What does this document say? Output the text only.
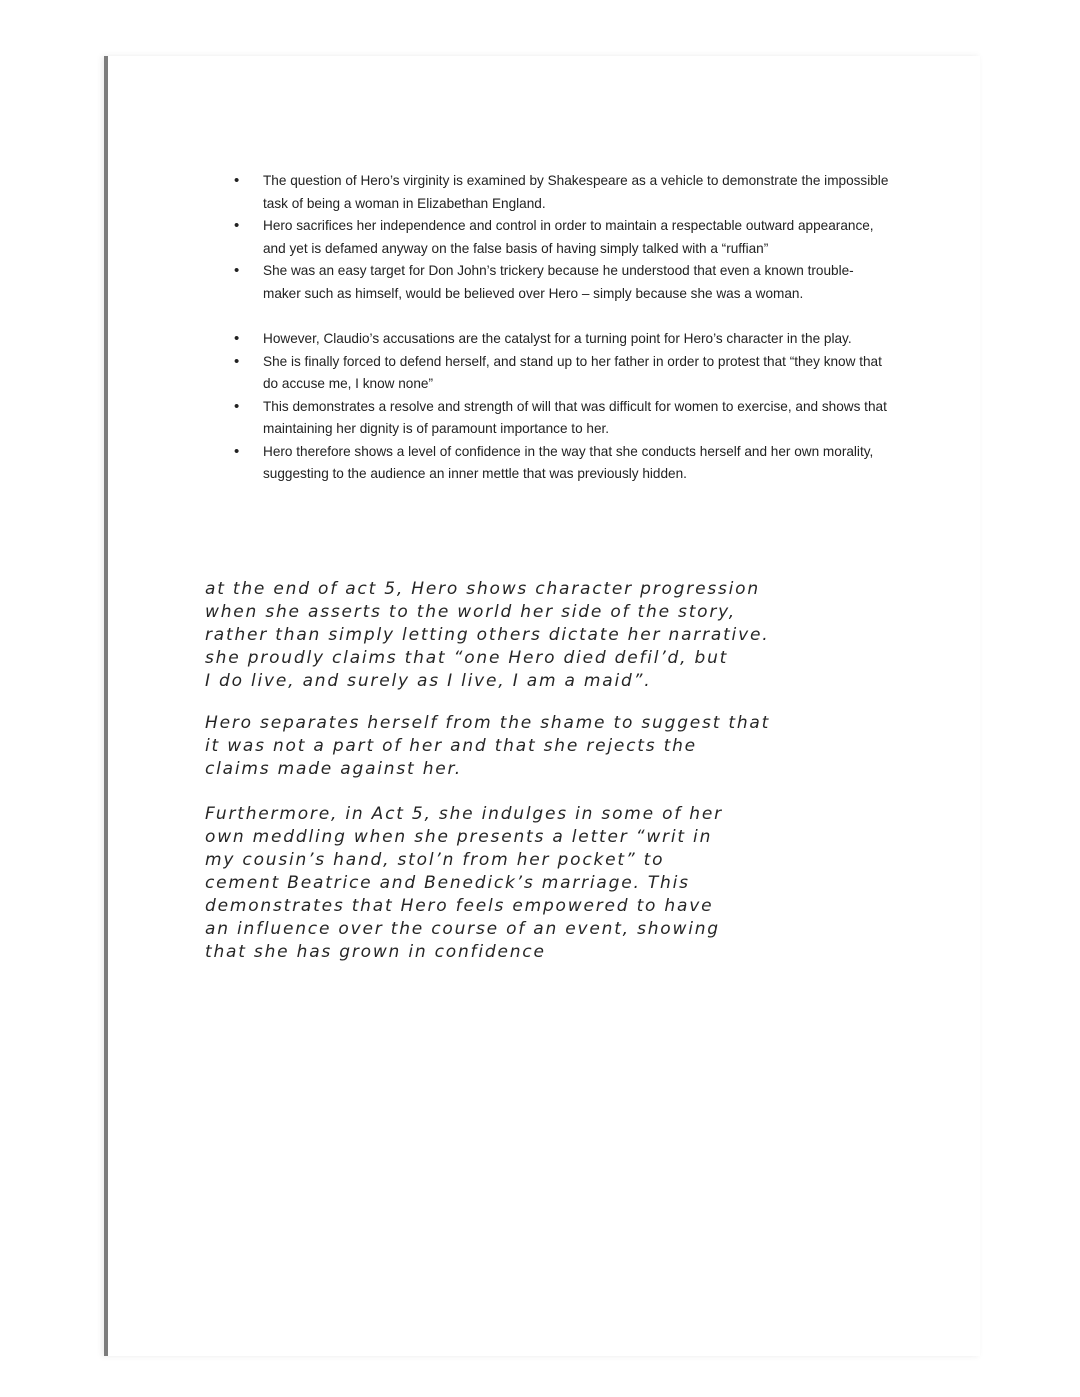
• The question of Hero’s virginity is examined by Shakespeare as a vehicle to demonstrate the impossible task of being a woman in Elizabethan England.
• Hero sacrifices her independence and control in order to maintain a respectable outward appearance, and yet is defamed anyway on the false basis of having simply talked with a “ruffian”
• She was an easy target for Don John’s trickery because he understood that even a known trouble-maker such as himself, would be believed over Hero – simply because she was a woman.
• However, Claudio’s accusations are the catalyst for a turning point for Hero’s character in the play.
• She is finally forced to defend herself, and stand up to her father in order to protest that “they know that do accuse me, I know none”
• This demonstrates a resolve and strength of will that was difficult for women to exercise, and shows that maintaining her dignity is of paramount importance to her.
• Hero therefore shows a level of confidence in the way that she conducts herself and her own morality, suggesting to the audience an inner mettle that was previously hidden.
at the end of act 5, Hero shows character progression
when she asserts to the world her side of the story,
rather than simply letting others dictate her narrative.
she proudly claims that “one Hero died defil’d, but
I do live, and surely as I live, I am a maid”.
Hero separates herself from the shame to suggest that
it was not a part of her and that she rejects the
claims made against her.
Furthermore, in Act 5, she indulges in some of her
own meddling when she presents a letter “writ in
my cousin’s hand, stol’n from her pocket” to
cement Beatrice and Benedick’s marriage. This
demonstrates that Hero feels empowered to have
an influence over the course of an event, showing
that she has grown in confidence
